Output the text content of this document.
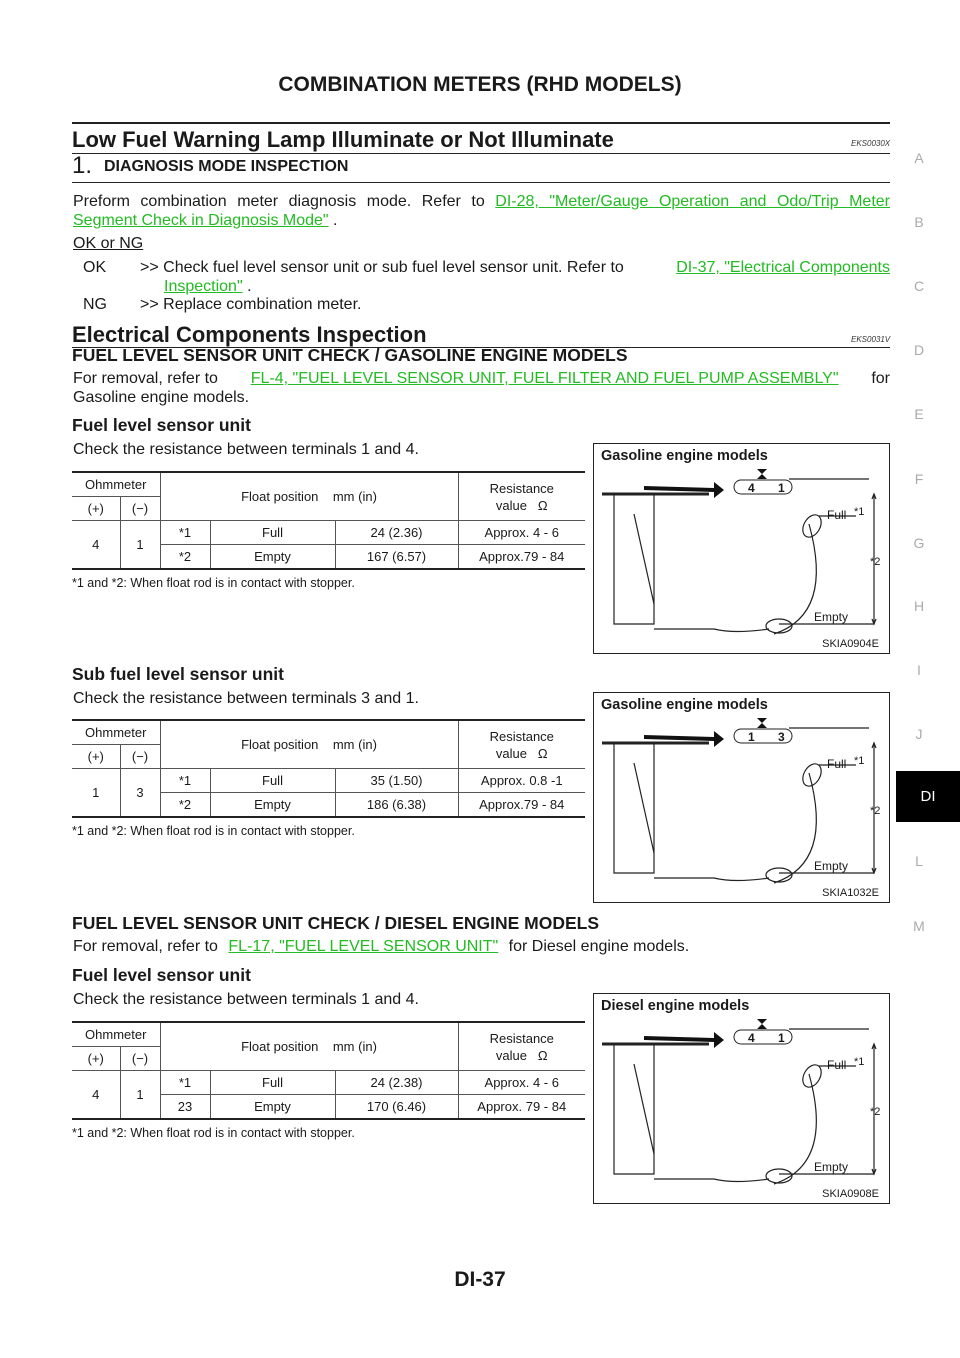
COMBINATION METERS (RHD MODELS)
A
B
C
D
E
F
G
H
I
J
DI
L
M
Low Fuel Warning Lamp Illuminate or Not Illuminate	EKS0030X
1. DIAGNOSIS MODE INSPECTION
Preform combination meter diagnosis mode. Refer to DI-28, "Meter/Gauge Operation and Odo/Trip Meter
Segment Check in Diagnosis Mode" .
OK or NG
OK >> Check fuel level sensor unit or sub fuel level sensor unit. Refer to	DI-37, "Electrical Components
Inspection" .
NG >> Replace combination meter.
Electrical Components Inspection	EKS0031V
FUEL LEVEL SENSOR UNIT CHECK / GASOLINE ENGINE MODELS
For removal, refer to FL-4, "FUEL LEVEL SENSOR UNIT, FUEL FILTER AND FUEL PUMP ASSEMBLY" for
Gasoline engine models.
FUEL LEVEL SENSOR UNIT CHECK / DIESEL ENGINE MODELS
For removal, refer to FL-17, "FUEL LEVEL SENSOR UNIT" for Diesel engine models.
Fuel level sensor unit
Check the resistance between terminals 1 and 4.
Ohmmeter		Float position    mm (in)			Resistance
value   Ω
(+)	(−)				
4	1	*1	Full	24 (2.36)	Approx. 4 - 6
		*2	Empty	167 (6.57)	Approx.79 - 84
*1 and *2: When float rod is in contact with stopper.
Gasoline engine models
4 1
Full *1
*2
Empty
SKIA0904E
Sub fuel level sensor unit
Check the resistance between terminals 3 and 1.
Ohmmeter		Float position    mm (in)			Resistance
value   Ω
(+)	(−)				
1	3	*1	Full	35 (1.50)	Approx. 0.8 -1
		*2	Empty	186 (6.38)	Approx.79 - 84
*1 and *2: When float rod is in contact with stopper.
Gasoline engine models
1 3
Full *1
*2
Empty
SKIA1032E
Fuel level sensor unit
Check the resistance between terminals 1 and 4.
Ohmmeter		Float position    mm (in)			Resistance
value   Ω
(+)	(−)				
4	1	*1	Full	24 (2.38)	Approx. 4 - 6
		23	Empty	170 (6.46)	Approx. 79 - 84
*1 and *2: When float rod is in contact with stopper.
Diesel engine models
4 1
Full *1
*2
Empty
SKIA0908E
DI-37
